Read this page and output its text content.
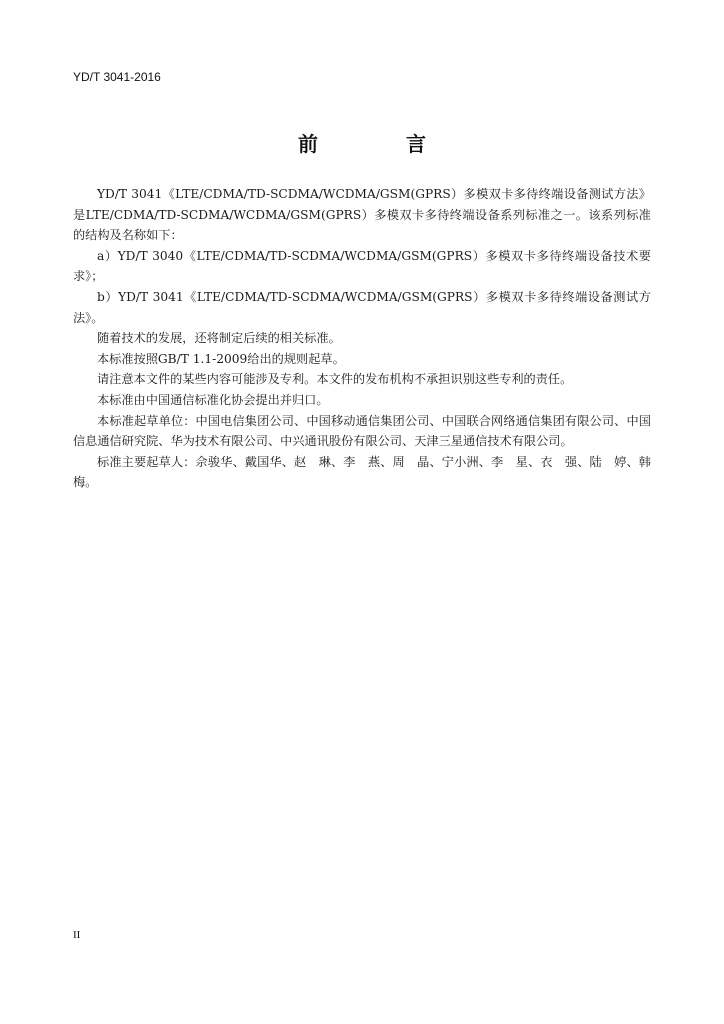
YD/T 3041-2016
前　言

YD/T 3041《LTE/CDMA/TD-SCDMA/WCDMA/GSM(GPRS）多模双卡多待终端设备测试方法》是LTE/CDMA/TD-SCDMA/WCDMA/GSM(GPRS）多模双卡多待终端设备系列标准之一。该系列标准的结构及名称如下：

a）YD/T 3040《LTE/CDMA/TD-SCDMA/WCDMA/GSM(GPRS）多模双卡多待终端设备技术要求》；

b）YD/T 3041《LTE/CDMA/TD-SCDMA/WCDMA/GSM(GPRS）多模双卡多待终端设备测试方法》。

随着技术的发展，还将制定后续的相关标准。

本标准按照GB/T 1.1-2009给出的规则起草。

请注意本文件的某些内容可能涉及专利。本文件的发布机构不承担识别这些专利的责任。

本标准由中国通信标准化协会提出并归口。

本标准起草单位：中国电信集团公司、中国移动通信集团公司、中国联合网络通信集团有限公司、中国信息通信研究院、华为技术有限公司、中兴通讯股份有限公司、天津三星通信技术有限公司。

标准主要起草人：佘骏华、戴国华、赵　琳、李　燕、周　晶、宁小洲、李　星、衣　强、陆　婷、韩　梅。

II
